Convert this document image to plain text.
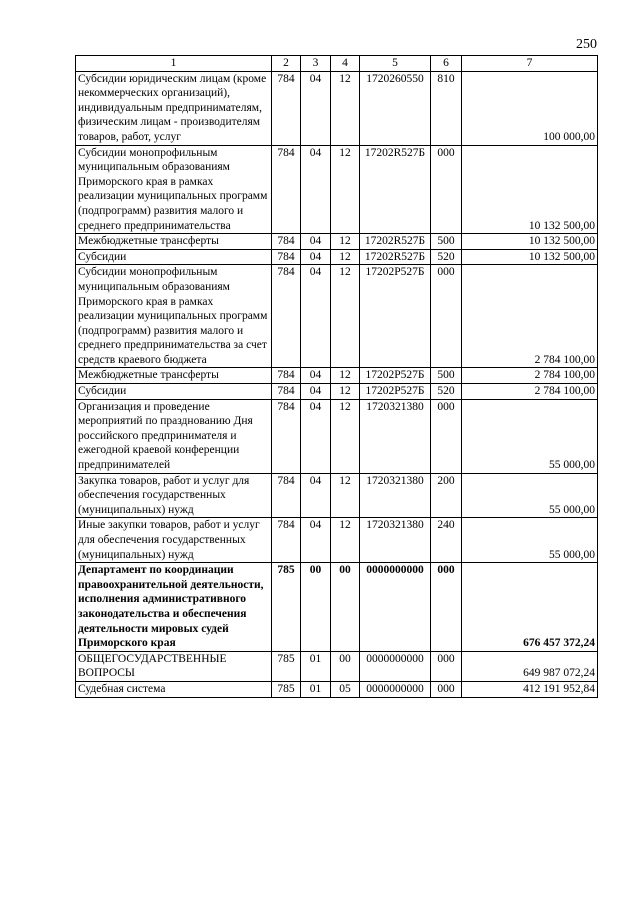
250
1	2	3	4	5	6	7
Субсидии юридическим лицам (кроме некоммерческих организаций), индивидуальным предпринимателям, физическим лицам - производителям товаров, работ, услуг	784	04	12	1720260550	810	100 000,00
Субсидии монопрофильным муниципальным образованиям Приморского края в рамках реализации муниципальных программ (подпрограмм) развития малого и среднего предпринимательства	784	04	12	17202R527Б	000	10 132 500,00
Межбюджетные трансферты	784	04	12	17202R527Б	500	10 132 500,00
Субсидии	784	04	12	17202R527Б	520	10 132 500,00
Субсидии монопрофильным муниципальным образованиям Приморского края в рамках реализации муниципальных программ (подпрограмм) развития малого и среднего предпринимательства за счет средств краевого бюджета	784	04	12	17202Р527Б	000	2 784 100,00
Межбюджетные трансферты	784	04	12	17202Р527Б	500	2 784 100,00
Субсидии	784	04	12	17202Р527Б	520	2 784 100,00
Организация и проведение мероприятий по празднованию Дня российского предпринимателя и ежегодной краевой конференции предпринимателей	784	04	12	1720321380	000	55 000,00
Закупка товаров, работ и услуг для обеспечения государственных (муниципальных) нужд	784	04	12	1720321380	200	55 000,00
Иные закупки товаров, работ и услуг для обеспечения государственных (муниципальных) нужд	784	04	12	1720321380	240	55 000,00
Департамент по координации правоохранительной деятельности, исполнения административного законодательства и обеспечения деятельности мировых судей Приморского края	785	00	00	0000000000	000	676 457 372,24
ОБЩЕГОСУДАРСТВЕННЫЕ ВОПРОСЫ	785	01	00	0000000000	000	649 987 072,24
Судебная система	785	01	05	0000000000	000	412 191 952,84
